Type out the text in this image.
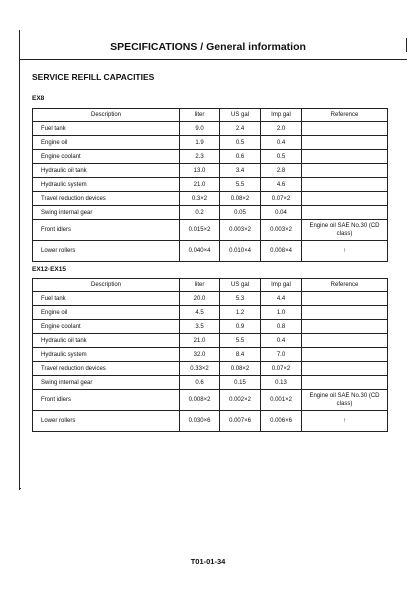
SPECIFICATIONS / General information
SERVICE REFILL CAPACITIES
EX8
Description	liter	US gal	Imp gal	Reference
Fuel tank	9.0	2.4	2.0	
Engine oil	1.9	0.5	0.4	
Engine coolant	2.3	0.6	0.5	
Hydraulic oil tank	13.0	3.4	2.8	
Hydraulic system	21.0	5.5	4.6	
Travel reduction devices	0.3×2	0.08×2	0.07×2	
Swing internal gear	0.2	0.05	0.04	
Front idlers	0.015×2	0.003×2	0.003×2	Engine oil SAE No.30 (CD class)
Lower rollers	0.040×4	0.010×4	0.008×4	↑
EX12·EX15
Description	liter	US gal	Imp gal	Reference
Fuel tank	20.0	5.3	4.4	
Engine oil	4.5	1.2	1.0	
Engine coolant	3.5	0.9	0.8	
Hydraulic oil tank	21.0	5.5	0.4	
Hydraulic system	32.0	8.4	7.0	
Travel reduction devices	0.33×2	0.08×2	0.07×2	
Swing internal gear	0.6	0.15	0.13	
Front idlers	0.008×2	0.002×2	0.001×2	Engine oil SAE No.30 (CD class)
Lower rollers	0.030×6	0.007×6	0.006×6	↑
T01-01-34
